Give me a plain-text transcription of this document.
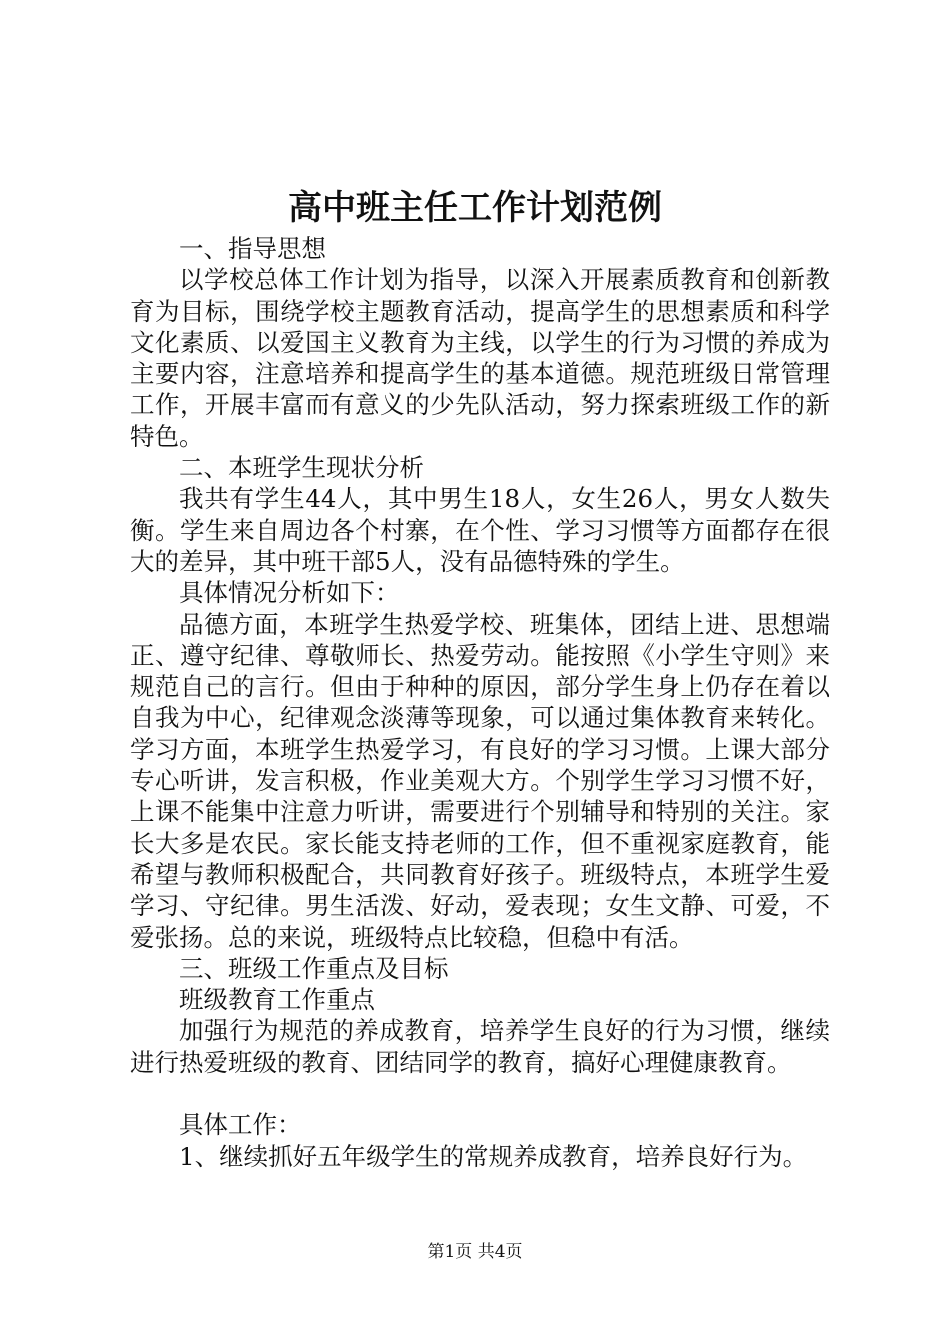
高中班主任工作计划范例

一、指导思想

以学校总体工作计划为指导，以深入开展素质教育和创新教育为目标，围绕学校主题教育活动，提高学生的思想素质和科学文化素质、以爱国主义教育为主线，以学生的行为习惯的养成为主要内容，注意培养和提高学生的基本道德。规范班级日常管理工作，开展丰富而有意义的少先队活动，努力探索班级工作的新特色。

二、本班学生现状分析

我共有学生44人，其中男生18人，女生26人，男女人数失衡。学生来自周边各个村寨，在个性、学习习惯等方面都存在很大的差异，其中班干部5人，没有品德特殊的学生。

具体情况分析如下：

品德方面，本班学生热爱学校、班集体，团结上进、思想端正、遵守纪律、尊敬师长、热爱劳动。能按照《小学生守则》来规范自己的言行。但由于种种的原因，部分学生身上仍存在着以自我为中心，纪律观念淡薄等现象，可以通过集体教育来转化。学习方面，本班学生热爱学习，有良好的学习习惯。上课大部分专心听讲，发言积极，作业美观大方。个别学生学习习惯不好，上课不能集中注意力听讲，需要进行个别辅导和特别的关注。家长大多是农民。家长能支持老师的工作，但不重视家庭教育，能希望与教师积极配合，共同教育好孩子。班级特点，本班学生爱学习、守纪律。男生活泼、好动，爱表现；女生文静、可爱，不爱张扬。总的来说，班级特点比较稳，但稳中有活。

三、班级工作重点及目标

班级教育工作重点

加强行为规范的养成教育，培养学生良好的行为习惯，继续进行热爱班级的教育、团结同学的教育，搞好心理健康教育。

具体工作：

1、继续抓好五年级学生的常规养成教育，培养良好行为。

第1页 共4页
